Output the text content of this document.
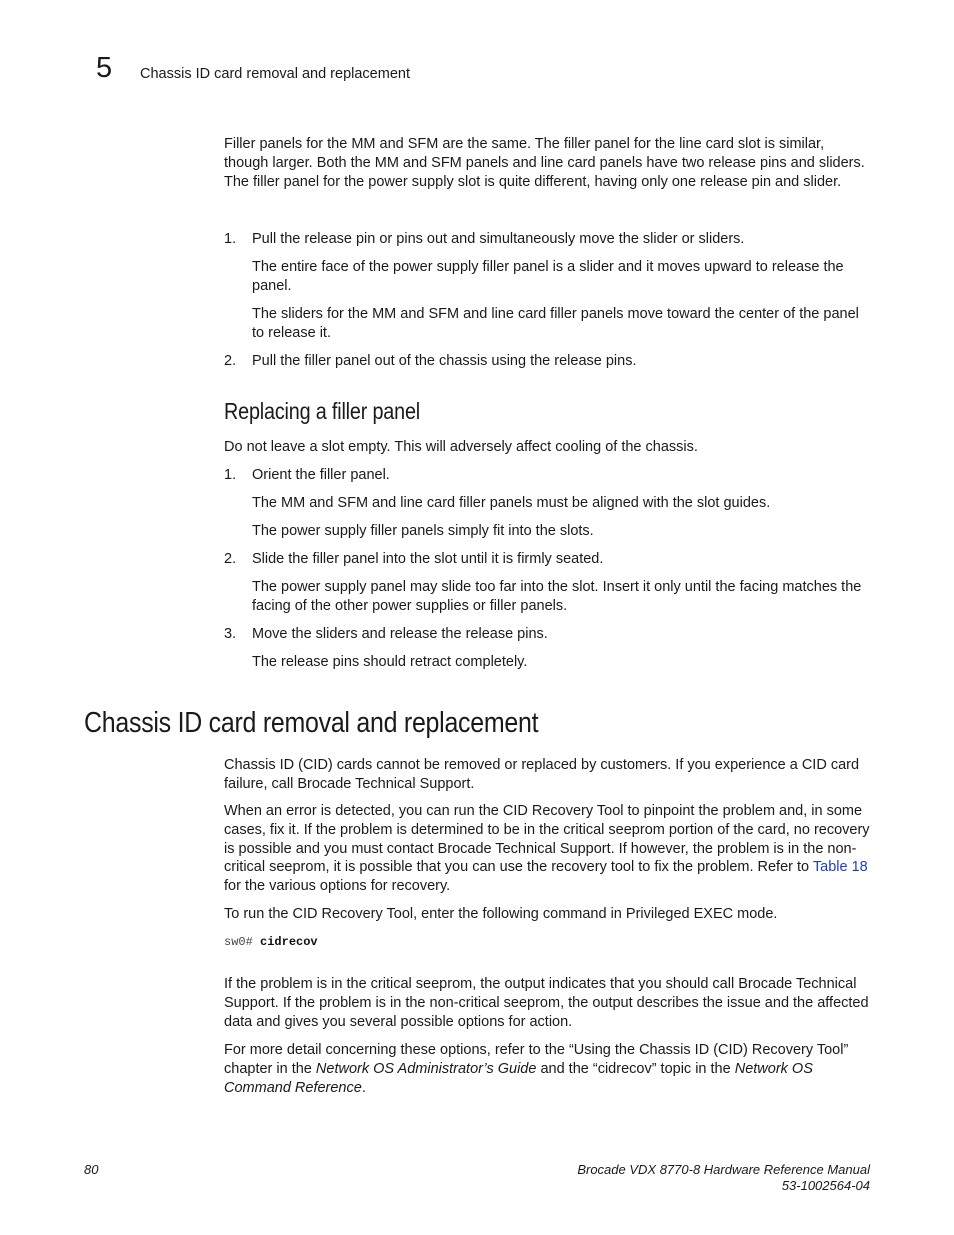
5 Chassis ID card removal and replacement

Filler panels for the MM and SFM are the same. The filler panel for the line card slot is similar, though larger. Both the MM and SFM panels and line card panels have two release pins and sliders. The filler panel for the power supply slot is quite different, having only one release pin and slider.

1. Pull the release pin or pins out and simultaneously move the slider or sliders.

The entire face of the power supply filler panel is a slider and it moves upward to release the panel.

The sliders for the MM and SFM and line card filler panels move toward the center of the panel to release it.

2. Pull the filler panel out of the chassis using the release pins.

Replacing a filler panel

Do not leave a slot empty. This will adversely affect cooling of the chassis.

1. Orient the filler panel.

The MM and SFM and line card filler panels must be aligned with the slot guides.

The power supply filler panels simply fit into the slots.

2. Slide the filler panel into the slot until it is firmly seated.

The power supply panel may slide too far into the slot. Insert it only until the facing matches the facing of the other power supplies or filler panels.

3. Move the sliders and release the release pins.

The release pins should retract completely.

Chassis ID card removal and replacement

Chassis ID (CID) cards cannot be removed or replaced by customers. If you experience a CID card failure, call Brocade Technical Support.

When an error is detected, you can run the CID Recovery Tool to pinpoint the problem and, in some cases, fix it. If the problem is determined to be in the critical seeprom portion of the card, no recovery is possible and you must contact Brocade Technical Support. If however, the problem is in the non-critical seeprom, it is possible that you can use the recovery tool to fix the problem. Refer to Table 18 for the various options for recovery.

To run the CID Recovery Tool, enter the following command in Privileged EXEC mode.

sw0# cidrecov

If the problem is in the critical seeprom, the output indicates that you should call Brocade Technical Support. If the problem is in the non-critical seeprom, the output describes the issue and the affected data and gives you several possible options for action.

For more detail concerning these options, refer to the “Using the Chassis ID (CID) Recovery Tool” chapter in the Network OS Administrator’s Guide and the “cidrecov” topic in the Network OS Command Reference.

80	Brocade VDX 8770-8 Hardware Reference Manual
53-1002564-04
